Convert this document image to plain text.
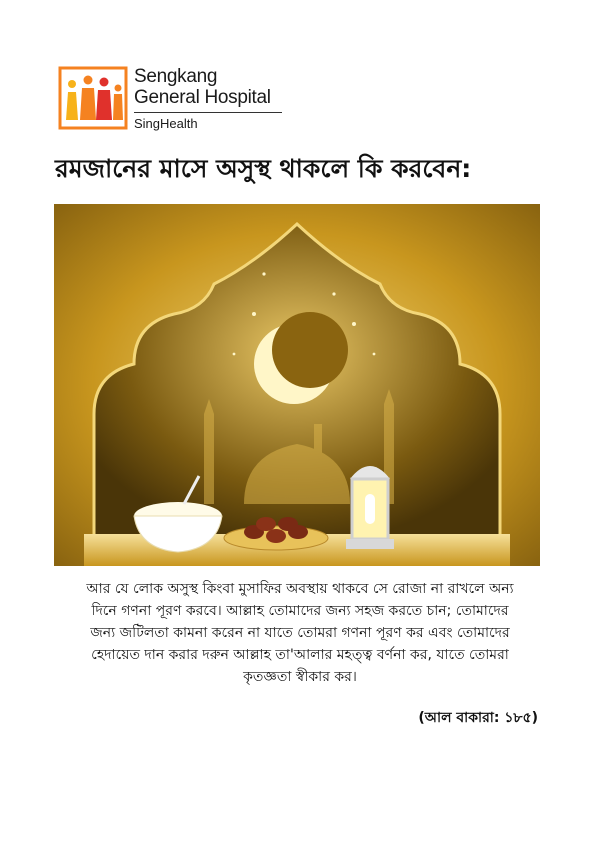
Sengkang
General Hospital
SingHealth
রমজানের মাসে অসুস্থ থাকলে কি করবেন:
আর যে লোক অসুস্থ কিংবা মুসাফির অবস্থায় থাকবে সে রোজা না রাখলে অন্য
দিনে গণনা পূরণ করবে। আল্লাহ তোমাদের জন্য সহজ করতে চান; তোমাদের
জন্য জটিলতা কামনা করেন না যাতে তোমরা গণনা পূরণ কর এবং তোমাদের
হেদায়েত দান করার দরুন আল্লাহ তা'আলার মহত্ত্ব বর্ণনা কর, যাতে তোমরা
কৃতজ্ঞতা স্বীকার কর।
(আল বাকারা: ১৮৫)
